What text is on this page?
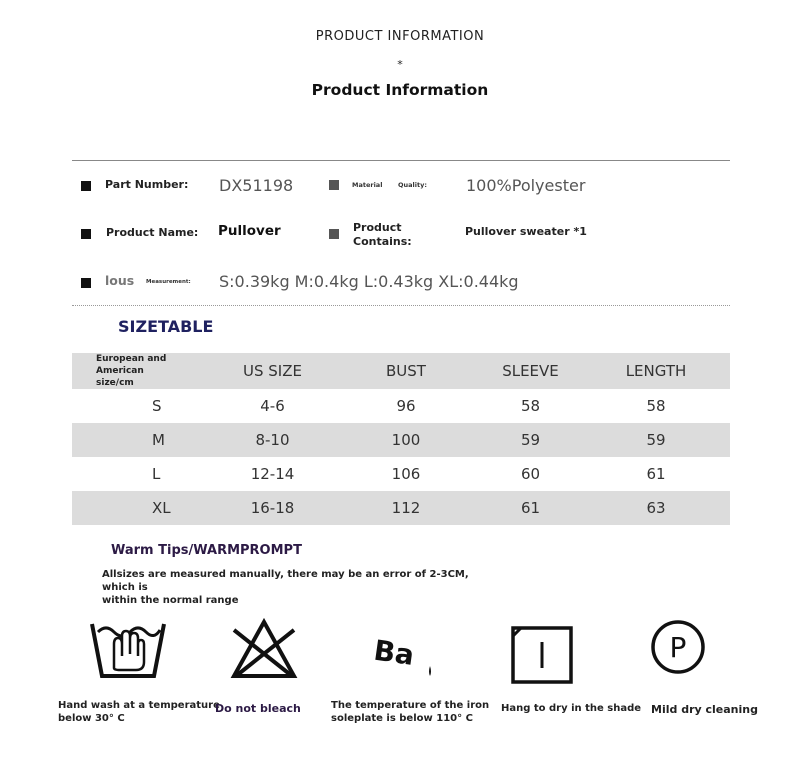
PRODUCT INFORMATION
*
Product Information
Part Number: DX51198	Material Quality: 100%Polyester
Product Name: Pullover	Product
Contains:
Pullover sweater *1
lous Measurement: S:0.39kg M:0.4kg L:0.43kg XL:0.44kg
SIZETABLE
European and American
size/cm	US SIZE	BUST	SLEEVE	LENGTH
S	4-6	96	58	58
M	8-10	100	59	59
L	12-14	106	60	61
XL	16-18	112	61	63
Warm Tips/WARMPROMPT
Allsizes are measured manually, there may be an error of 2-3CM, which is
within the normal range
Hand wash at a temperature
below 30° C
Do not bleach
Ba
The temperature of the iron
soleplate is below 110° C
Hang to dry in the shade
P
Mild dry cleaning
